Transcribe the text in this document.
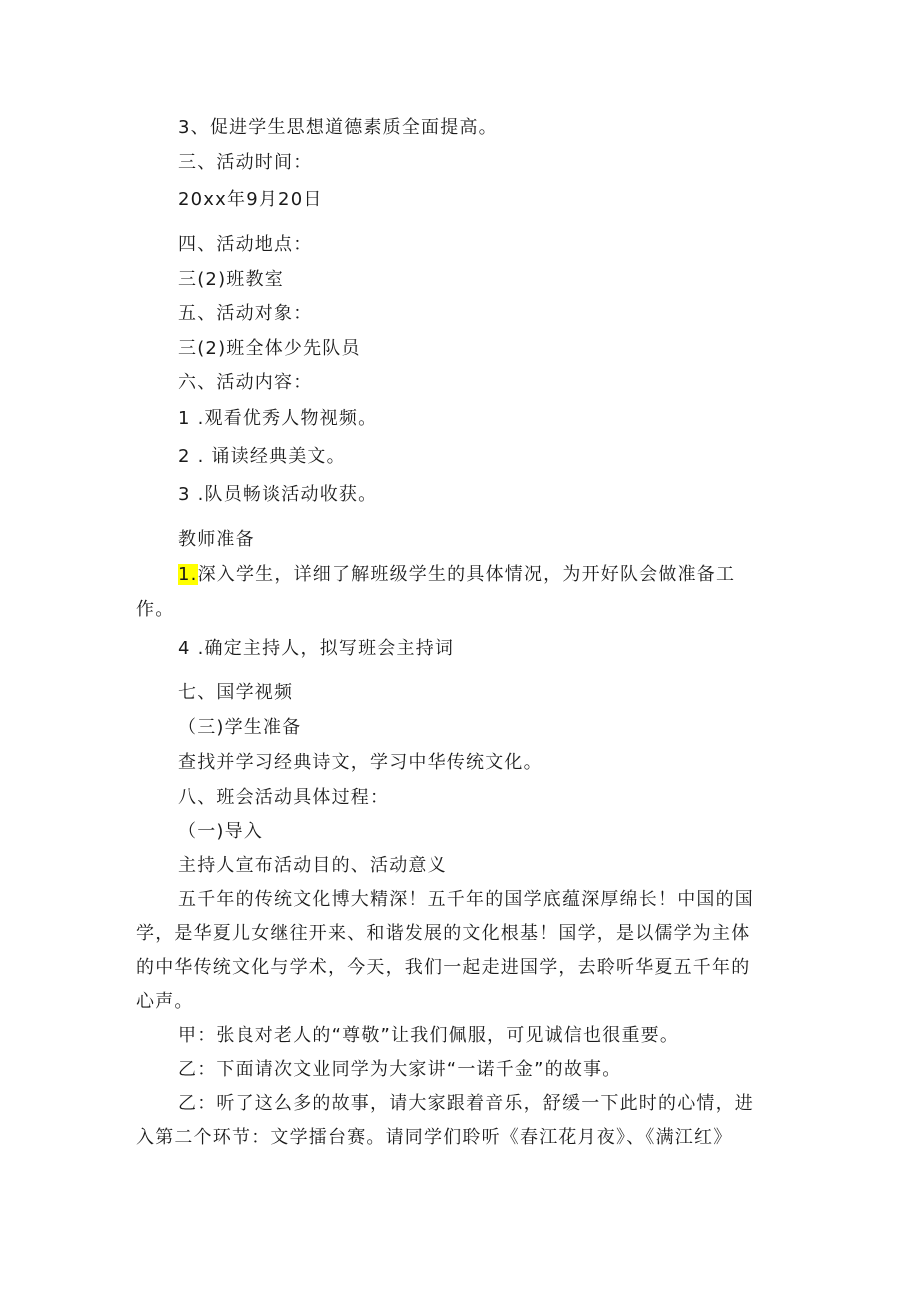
3、促进学生思想道德素质全面提高。
三、活动时间：
20xx年9月20日
四、活动地点：
三(2)班教室
五、活动对象：
三(2)班全体少先队员
六、活动内容：
1 .观看优秀人物视频。
2 . 诵读经典美文。
3 .队员畅谈活动收获。
教师准备
1.深入学生，详细了解班级学生的具体情况，为开好队会做准备工
作。
4 .确定主持人，拟写班会主持词
七、国学视频
（三)学生准备
查找并学习经典诗文，学习中华传统文化。
八、班会活动具体过程：
（一)导入
主持人宣布活动目的、活动意义
五千年的传统文化博大精深！五千年的国学底蕴深厚绵长！中国的国
学，是华夏儿女继往开来、和谐发展的文化根基！国学，是以儒学为主体
的中华传统文化与学术，今天，我们一起走进国学，去聆听华夏五千年的
心声。
甲：张良对老人的“尊敬”让我们佩服，可见诚信也很重要。
乙：下面请次文业同学为大家讲“一诺千金”的故事。
乙：听了这么多的故事，请大家跟着音乐，舒缓一下此时的心情，进
入第二个环节：文学擂台赛。请同学们聆听《春江花月夜》、《满江红》
